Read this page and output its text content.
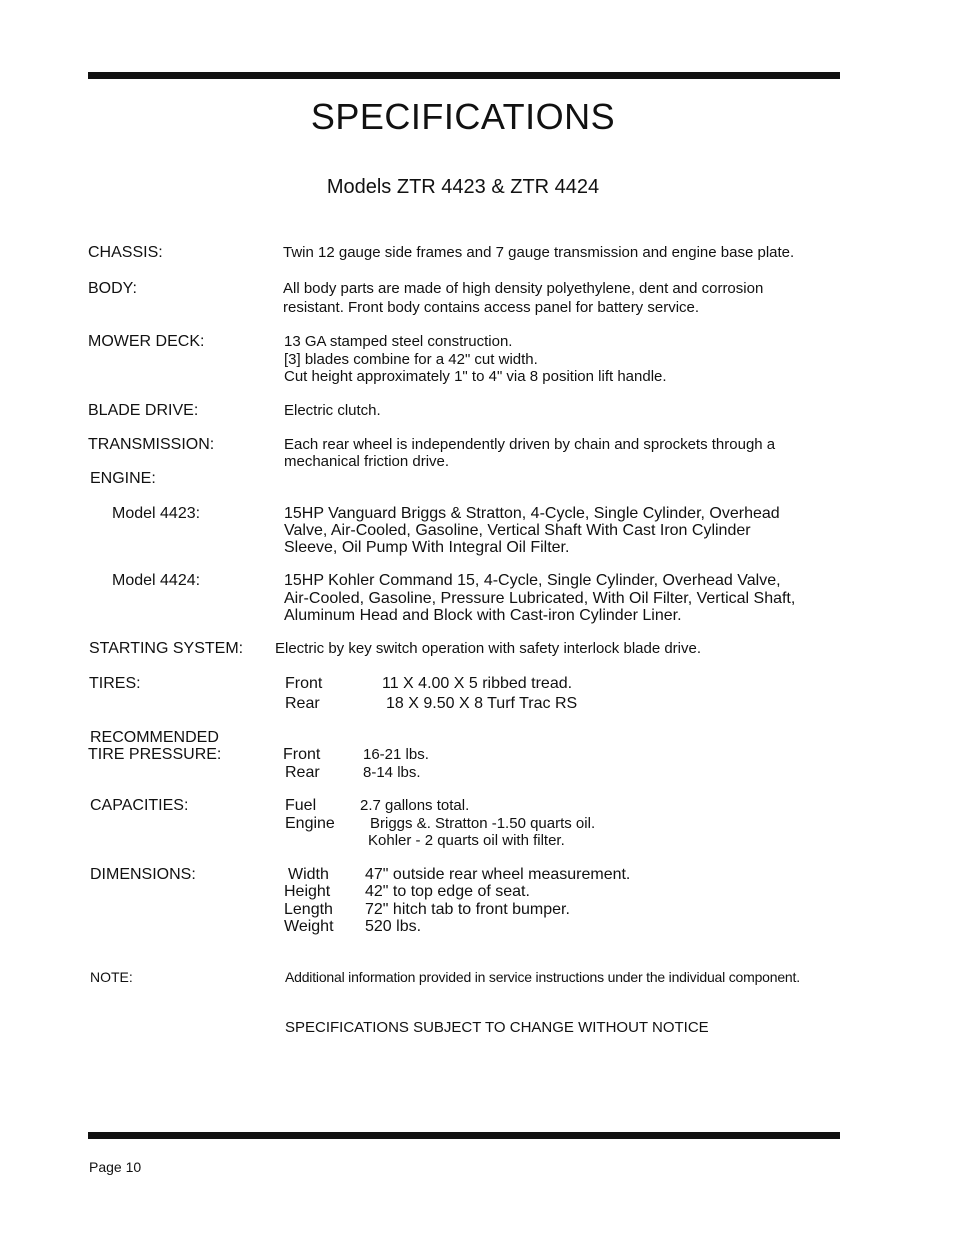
SPECIFICATIONS
Models ZTR 4423 & ZTR 4424
CHASSIS:	Twin 12 gauge side frames and 7 gauge transmission and engine base plate.
BODY:	All body parts are made of high density polyethylene, dent and corrosion
resistant. Front body contains access panel for battery service.
MOWER DECK:	13 GA stamped steel construction.
[3] blades combine for a 42" cut width.
Cut height approximately 1" to 4" via 8 position lift handle.
BLADE DRIVE:	Electric clutch.
TRANSMISSION:	Each rear wheel is independently driven by chain and sprockets through a
mechanical friction drive.
ENGINE:
Model 4423:	15HP Vanguard Briggs & Stratton, 4-Cycle, Single Cylinder, Overhead
Valve, Air-Cooled, Gasoline, Vertical Shaft With Cast Iron Cylinder
Sleeve, Oil Pump With Integral Oil Filter.
Model 4424:	15HP Kohler Command 15, 4-Cycle, Single Cylinder, Overhead Valve,
Air-Cooled, Gasoline, Pressure Lubricated, With Oil Filter, Vertical Shaft,
Aluminum Head and Block with Cast-iron Cylinder Liner.
STARTING SYSTEM: Electric by key switch operation with safety interlock blade drive.
TIRES:	Front	11 X 4.00 X 5 ribbed tread.
Rear	18 X 9.50 X 8 Turf Trac RS
RECOMMENDED
TIRE PRESSURE:	Front	16-21 lbs.
Rear	8-14 lbs.
CAPACITIES:	Fuel	2.7 gallons total.
Engine Briggs &. Stratton -1.50 quarts oil.
Kohler - 2 quarts oil with filter.
DIMENSIONS:	Width 47" outside rear wheel measurement.
Height 42" to top edge of seat.
Length 72" hitch tab to front bumper.
Weight 520 lbs.
NOTE:	Additional information provided in service instructions under the individual component.
SPECIFICATIONS SUBJECT TO CHANGE WITHOUT NOTICE
Page 10
